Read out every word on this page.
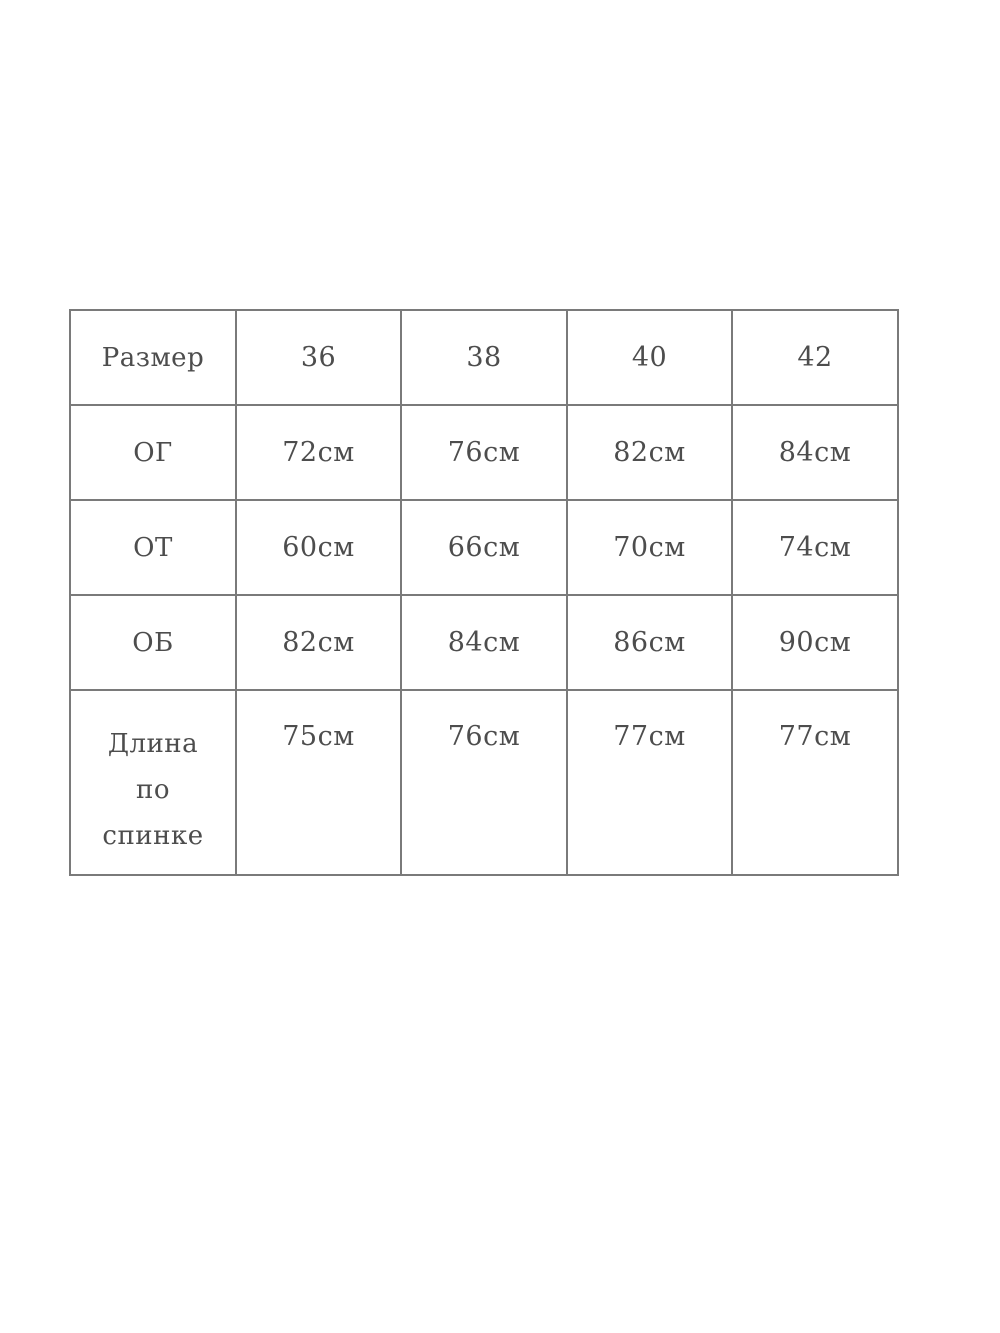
Размер	36	38	40	42
ОГ	72см	76см	82см	84см
ОТ	60см	66см	70см	74см
ОБ	82см	84см	86см	90см

Длина
по
спинке	75см	76см	77см	77см
